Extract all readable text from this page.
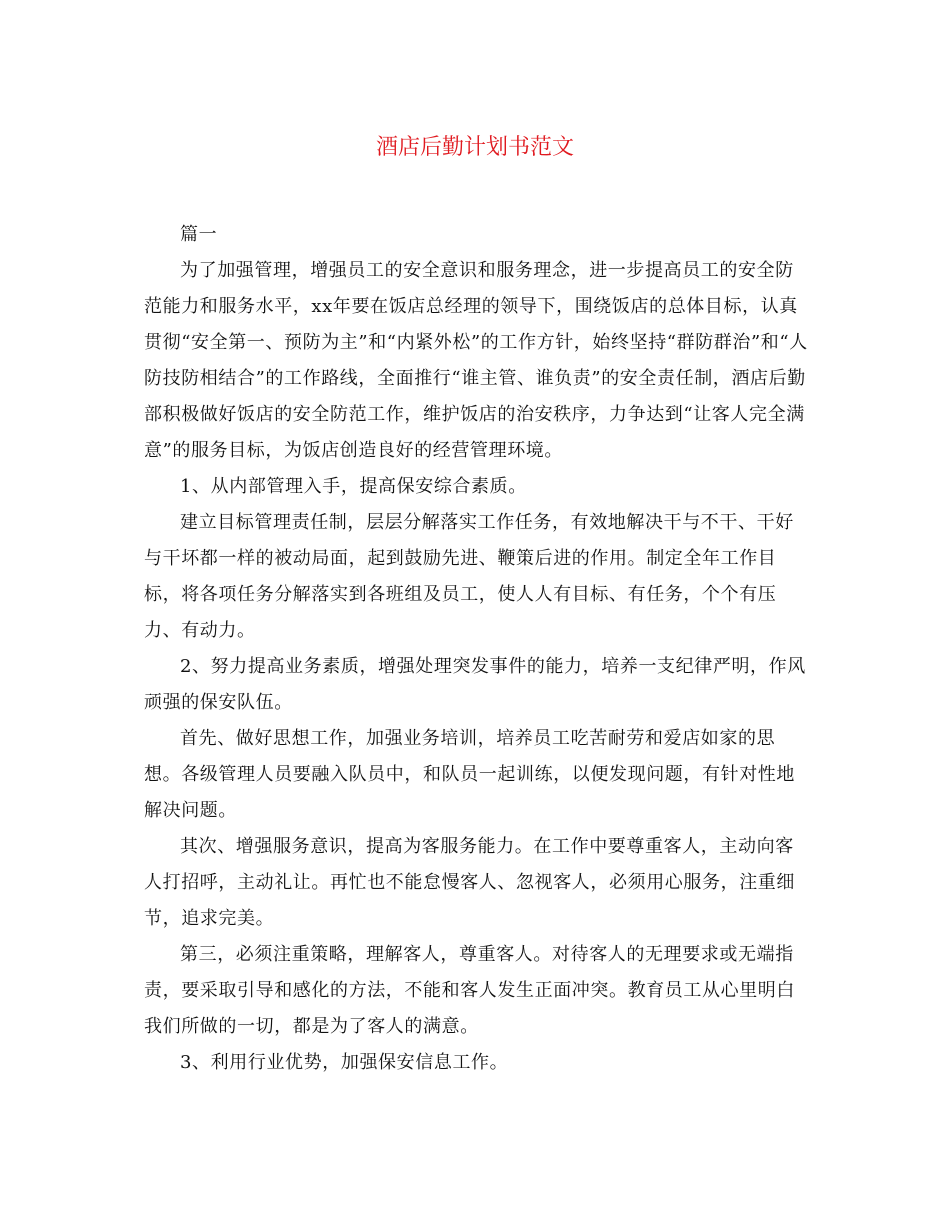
酒店后勤计划书范文
篇一
为了加强管理，增强员工的安全意识和服务理念，进一步提高员工的安全防
范能力和服务水平，xx年要在饭店总经理的领导下，围绕饭店的总体目标，认真
贯彻“安全第一、预防为主”和“内紧外松”的工作方针，始终坚持“群防群治”和“人
防技防相结合”的工作路线，全面推行“谁主管、谁负责”的安全责任制，酒店后勤
部积极做好饭店的安全防范工作，维护饭店的治安秩序，力争达到“让客人完全满
意”的服务目标，为饭店创造良好的经营管理环境。
1、从内部管理入手，提高保安综合素质。
建立目标管理责任制，层层分解落实工作任务，有效地解决干与不干、干好
与干坏都一样的被动局面，起到鼓励先进、鞭策后进的作用。制定全年工作目
标，将各项任务分解落实到各班组及员工，使人人有目标、有任务，个个有压
力、有动力。
2、努力提高业务素质，增强处理突发事件的能力，培养一支纪律严明，作风
顽强的保安队伍。
首先、做好思想工作，加强业务培训，培养员工吃苦耐劳和爱店如家的思
想。各级管理人员要融入队员中，和队员一起训练，以便发现问题，有针对性地
解决问题。
其次、增强服务意识，提高为客服务能力。在工作中要尊重客人，主动向客
人打招呼，主动礼让。再忙也不能怠慢客人、忽视客人，必须用心服务，注重细
节，追求完美。
第三，必须注重策略，理解客人，尊重客人。对待客人的无理要求或无端指
责，要采取引导和感化的方法，不能和客人发生正面冲突。教育员工从心里明白
我们所做的一切，都是为了客人的满意。
3、利用行业优势，加强保安信息工作。
